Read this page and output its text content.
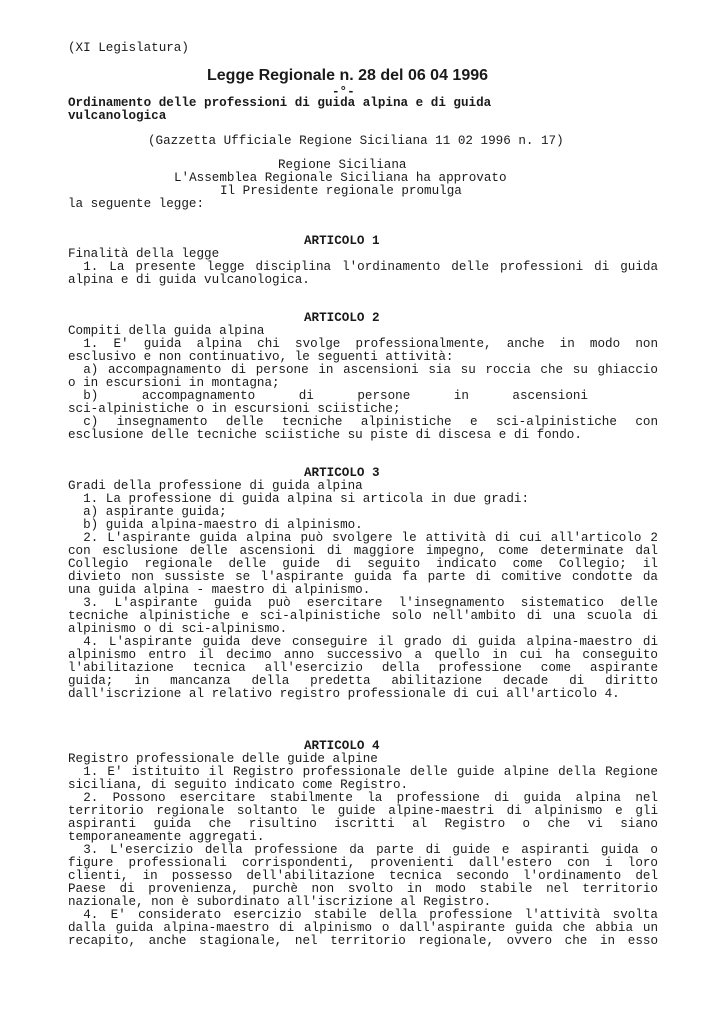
(XI Legislatura)
Legge Regionale n. 28 del 06 04 1996
-°-
Ordinamento delle professioni di guida alpina e di guida
vulcanologica
(Gazzetta Ufficiale Regione Siciliana 11 02 1996 n. 17)
Regione Siciliana
L'Assemblea Regionale Siciliana ha approvato
Il Presidente regionale promulga
la seguente legge:
ARTICOLO 1
Finalità della legge
1. La presente legge disciplina l'ordinamento delle professioni di guida
alpina e di guida vulcanologica.
ARTICOLO 2
Compiti della guida alpina
1. E' guida alpina chi svolge professionalmente, anche in modo non
esclusivo e non continuativo, le seguenti attività:
a) accompagnamento di persone in ascensioni sia su roccia che su ghiaccio
o in escursioni in montagna;
b) accompagnamento di persone in ascensioni
sci-alpinistiche o in escursioni sciistiche;
c) insegnamento delle tecniche alpinistiche e sci-alpinistiche con
esclusione delle tecniche sciistiche su piste di discesa e di fondo.
ARTICOLO 3
Gradi della professione di guida alpina
1. La professione di guida alpina si articola in due gradi:
a) aspirante guida;
b) guida alpina-maestro di alpinismo.
2. L'aspirante guida alpina può svolgere le attività di cui all'articolo 2
con esclusione delle ascensioni di maggiore impegno, come determinate dal
Collegio regionale delle guide di seguito indicato come Collegio; il
divieto non sussiste se l'aspirante guida fa parte di comitive condotte da
una guida alpina - maestro di alpinismo.
3. L'aspirante guida può esercitare l'insegnamento sistematico delle
tecniche alpinistiche e sci-alpinistiche solo nell'ambito di una scuola di
alpinismo o di sci-alpinismo.
4. L'aspirante guida deve conseguire il grado di guida alpina-maestro di
alpinismo entro il decimo anno successivo a quello in cui ha conseguito
l'abilitazione tecnica all'esercizio della professione come aspirante
guida; in mancanza della predetta abilitazione decade di diritto
dall'iscrizione al relativo registro professionale di cui all'articolo 4.
ARTICOLO 4
Registro professionale delle guide alpine
1. E' istituito il Registro professionale delle guide alpine della Regione
siciliana, di seguito indicato come Registro.
2. Possono esercitare stabilmente la professione di guida alpina nel
territorio regionale soltanto le guide alpine-maestri di alpinismo e gli
aspiranti guida che risultino iscritti al Registro o che vi siano
temporaneamente aggregati.
3. L'esercizio della professione da parte di guide e aspiranti guida o
figure professionali corrispondenti, provenienti dall'estero con i loro
clienti, in possesso dell'abilitazione tecnica secondo l'ordinamento del
Paese di provenienza, purchè non svolto in modo stabile nel territorio
nazionale, non è subordinato all'iscrizione al Registro.
4. E' considerato esercizio stabile della professione l'attività svolta
dalla guida alpina-maestro di alpinismo o dall'aspirante guida che abbia un
recapito, anche stagionale, nel territorio regionale, ovvero che in esso
